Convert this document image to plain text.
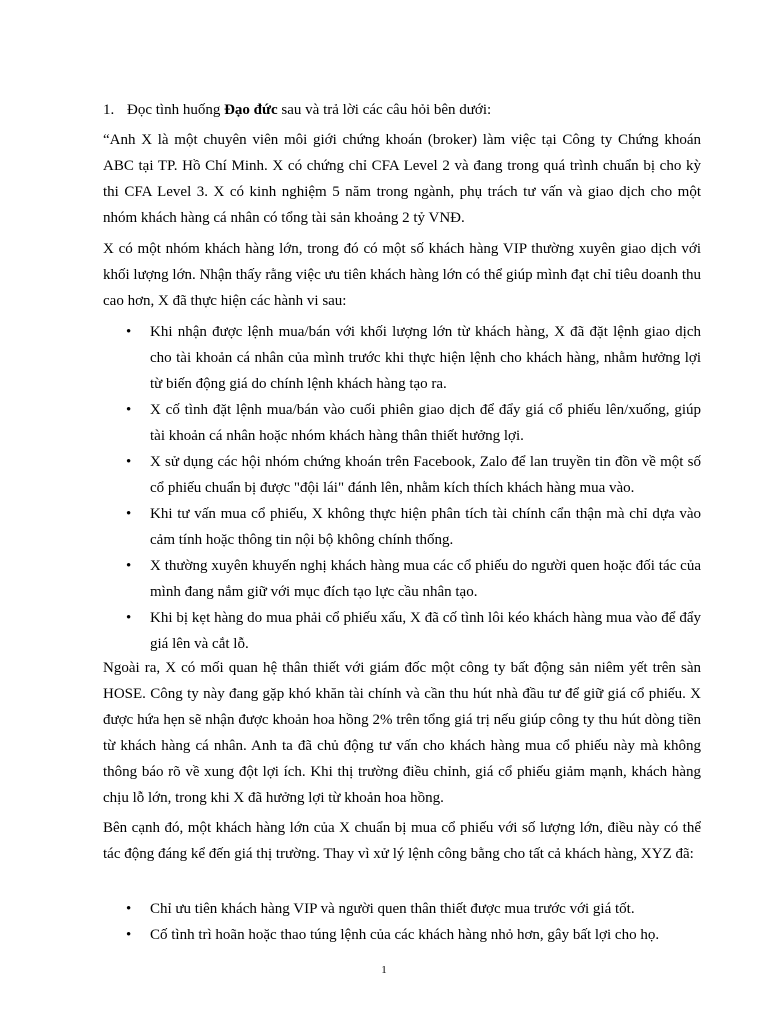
1. Đọc tình huống Đạo đức sau và trả lời các câu hỏi bên dưới:

“Anh X là một chuyên viên môi giới chứng khoán (broker) làm việc tại Công ty Chứng khoán ABC tại TP. Hồ Chí Minh. X có chứng chỉ CFA Level 2 và đang trong quá trình chuẩn bị cho kỳ thi CFA Level 3. X có kinh nghiệm 5 năm trong ngành, phụ trách tư vấn và giao dịch cho một nhóm khách hàng cá nhân có tổng tài sản khoảng 2 tỷ VNĐ.

X có một nhóm khách hàng lớn, trong đó có một số khách hàng VIP thường xuyên giao dịch với khối lượng lớn. Nhận thấy rằng việc ưu tiên khách hàng lớn có thể giúp mình đạt chỉ tiêu doanh thu cao hơn, X đã thực hiện các hành vi sau:

• Khi nhận được lệnh mua/bán với khối lượng lớn từ khách hàng, X đã đặt lệnh giao dịch cho tài khoản cá nhân của mình trước khi thực hiện lệnh cho khách hàng, nhằm hưởng lợi từ biến động giá do chính lệnh khách hàng tạo ra.
• X cố tình đặt lệnh mua/bán vào cuối phiên giao dịch để đẩy giá cổ phiếu lên/xuống, giúp tài khoản cá nhân hoặc nhóm khách hàng thân thiết hưởng lợi.
• X sử dụng các hội nhóm chứng khoán trên Facebook, Zalo để lan truyền tin đồn về một số cổ phiếu chuẩn bị được "đội lái" đánh lên, nhằm kích thích khách hàng mua vào.
• Khi tư vấn mua cổ phiếu, X không thực hiện phân tích tài chính cẩn thận mà chỉ dựa vào cảm tính hoặc thông tin nội bộ không chính thống.
• X thường xuyên khuyến nghị khách hàng mua các cổ phiếu do người quen hoặc đối tác của mình đang nắm giữ với mục đích tạo lực cầu nhân tạo.
• Khi bị kẹt hàng do mua phải cổ phiếu xấu, X đã cố tình lôi kéo khách hàng mua vào để đẩy giá lên và cắt lỗ.

Ngoài ra, X có mối quan hệ thân thiết với giám đốc một công ty bất động sản niêm yết trên sàn HOSE. Công ty này đang gặp khó khăn tài chính và cần thu hút nhà đầu tư để giữ giá cổ phiếu. X được hứa hẹn sẽ nhận được khoản hoa hồng 2% trên tổng giá trị nếu giúp công ty thu hút dòng tiền từ khách hàng cá nhân. Anh ta đã chủ động tư vấn cho khách hàng mua cổ phiếu này mà không thông báo rõ về xung đột lợi ích. Khi thị trường điều chỉnh, giá cổ phiếu giảm mạnh, khách hàng chịu lỗ lớn, trong khi X đã hưởng lợi từ khoản hoa hồng.

Bên cạnh đó, một khách hàng lớn của X chuẩn bị mua cổ phiếu với số lượng lớn, điều này có thể tác động đáng kể đến giá thị trường. Thay vì xử lý lệnh công bằng cho tất cả khách hàng, XYZ đã:

• Chỉ ưu tiên khách hàng VIP và người quen thân thiết được mua trước với giá tốt.
• Cố tình trì hoãn hoặc thao túng lệnh của các khách hàng nhỏ hơn, gây bất lợi cho họ.
1
